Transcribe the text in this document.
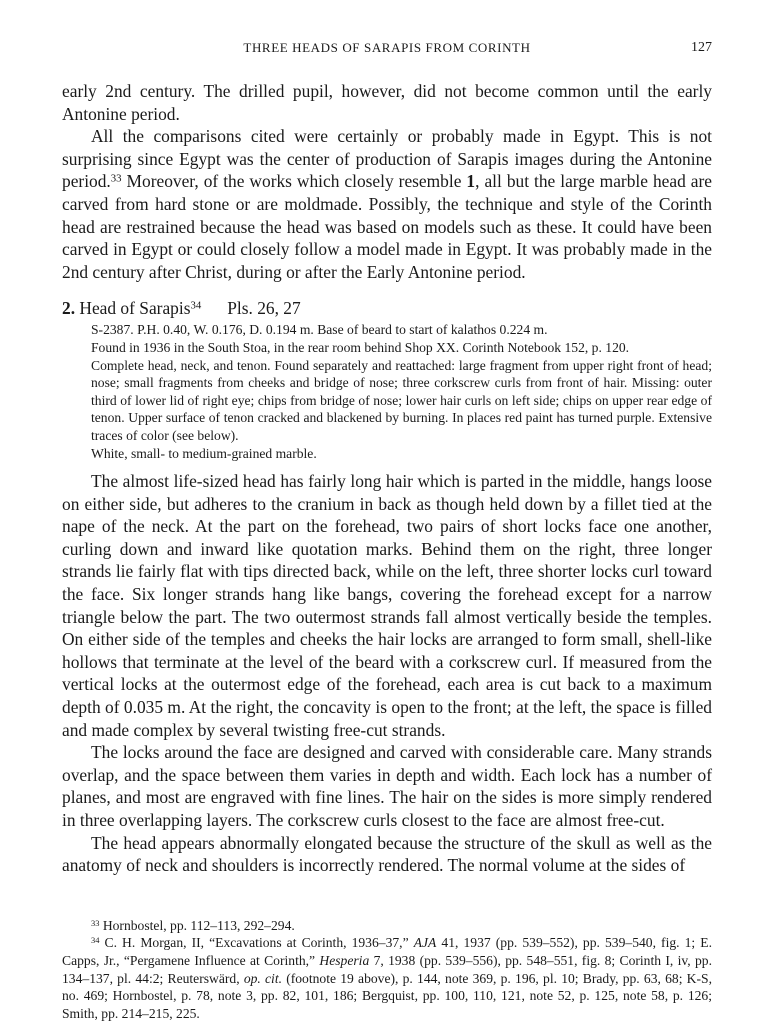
THREE HEADS OF SARAPIS FROM CORINTH	127

early 2nd century. The drilled pupil, however, did not become common until the early Antonine period.

All the comparisons cited were certainly or probably made in Egypt. This is not surprising since Egypt was the center of production of Sarapis images during the Antonine period.$^{33}$ Moreover, of the works which closely resemble 1, all but the large marble head are carved from hard stone or are moldmade. Possibly, the technique and style of the Corinth head are restrained because the head was based on models such as these. It could have been carved in Egypt or could closely follow a model made in Egypt. It was probably made in the 2nd century after Christ, during or after the Early Antonine period.

2. Head of Sarapis$^{34}$ Pls. 26, 27

S-2387. P.H. 0.40, W. 0.176, D. 0.194 m. Base of beard to start of kalathos 0.224 m.

Found in 1936 in the South Stoa, in the rear room behind Shop XX. Corinth Notebook 152, p. 120.

Complete head, neck, and tenon. Found separately and reattached: large fragment from upper right front of head; nose; small fragments from cheeks and bridge of nose; three corkscrew curls from front of hair. Missing: outer third of lower lid of right eye; chips from bridge of nose; lower hair curls on left side; chips on upper rear edge of tenon. Upper surface of tenon cracked and blackened by burning. In places red paint has turned purple. Extensive traces of color (see below).

White, small- to medium-grained marble.

The almost life-sized head has fairly long hair which is parted in the middle, hangs loose on either side, but adheres to the cranium in back as though held down by a fillet tied at the nape of the neck. At the part on the forehead, two pairs of short locks face one another, curling down and inward like quotation marks. Behind them on the right, three longer strands lie fairly flat with tips directed back, while on the left, three shorter locks curl toward the face. Six longer strands hang like bangs, covering the forehead except for a narrow triangle below the part. The two outermost strands fall almost vertically beside the temples. On either side of the temples and cheeks the hair locks are arranged to form small, shell-like hollows that terminate at the level of the beard with a corkscrew curl. If measured from the vertical locks at the outermost edge of the forehead, each area is cut back to a maximum depth of 0.035 m. At the right, the concavity is open to the front; at the left, the space is filled and made complex by several twisting free-cut strands.

The locks around the face are designed and carved with considerable care. Many strands overlap, and the space between them varies in depth and width. Each lock has a number of planes, and most are engraved with fine lines. The hair on the sides is more simply rendered in three overlapping layers. The corkscrew curls closest to the face are almost free-cut.

The head appears abnormally elongated because the structure of the skull as well as the anatomy of neck and shoulders is incorrectly rendered. The normal volume at the sides of

$^{33}$ Hornbostel, pp. 112–113, 292–294.

$^{34}$ C. H. Morgan, II, “Excavations at Corinth, 1936–37,” AJA 41, 1937 (pp. 539–552), pp. 539–540, fig. 1; E. Capps, Jr., “Pergamene Influence at Corinth,” Hesperia 7, 1938 (pp. 539–556), pp. 548–551, fig. 8; Corinth I, iv, pp. 134–137, pl. 44:2; Reuterswärd, op. cit. (footnote 19 above), p. 144, note 369, p. 196, pl. 10; Brady, pp. 63, 68; K-S, no. 469; Hornbostel, p. 78, note 3, pp. 82, 101, 186; Bergquist, pp. 100, 110, 121, note 52, p. 125, note 58, p. 126; Smith, pp. 214–215, 225.
